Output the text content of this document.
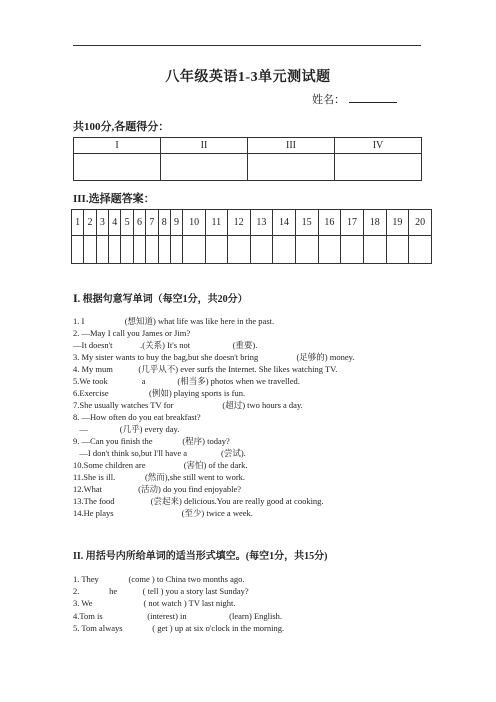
八年级英语1-3单元测试题
姓名：
共100分,各题得分：
I	II	III	IV

III.选择题答案：
1	2	3	4	5	6	7	8	9	10	11	12	13	14	15	16	17	18	19	20

Ⅰ. 根据句意写单词（每空1分，共20分）
1. I                   (想知道) what life was like here in the past.
2. —May I call you James or Jim?
—It doesn't             .(关系) It's not                    (重要).
3. My sister wants to buy the bag,but she doesn't bring                  (足够的) money.
4. My mum            (几乎从不) ever surfs the Internet. She likes watching TV.
5.We took                a               (相当多) photos when we travelled.
6.Exercise                   (例如) playing sports is fun.
7.She usually watches TV for                       (超过) two hours a day.
8. —How often do you eat breakfast?
—               (几乎) every day.
9. —Can you finish the              (程序) today?
—I don't think so,but I'll have a                (尝试).
10.Some children are                  (害怕) of the dark.
11.She is ill.              (然而),she still went to work.
12.What                 (活动) do you find enjoyable?
13.The food                 (尝起来) delicious.You are really good at cooking.
14.He plays                                (至少) twice a week.
II. 用括号内所给单词的适当形式填空。(每空1分，共15分)
1. They              (come ) to China two months ago.
2.              he            ( tell ) you a story last Sunday?
3. We                        ( not watch ) TV last night.
4.Tom is                     (interest) in                    (learn) English.
5. Tom always              ( get ) up at six o'clock in the morning.
